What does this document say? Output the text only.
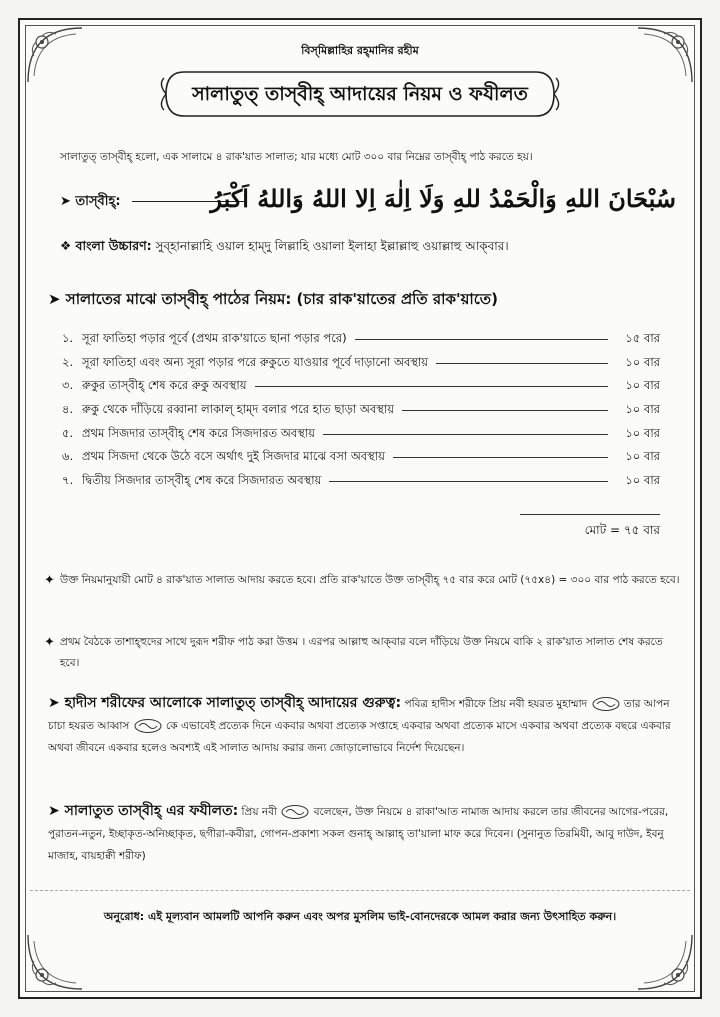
বিস্‌মিল্লাহির রহ্‌মানির রহীম
সালাতুত্‌ তাস্‌বীহ্‌ আদায়ের নিয়ম ও ফযীলত
সালাতুত্‌ তাস্‌বীহ্‌ হলো, এক সালামে ৪ রাক'য়াত সালাত; যার মধ্যে মোট ৩০০ বার নিম্নের তাস্‌বীহ্‌ পাঠ করতে হয়।
➤ তাস্‌বীহ্‌:	سُبْحَانَ اللهِ وَالْحَمْدُ للهِ وَلَا اِلٰهَ اِلا اللهُ وَاللهُ اَكْبَرُ
❖ বাংলা উচ্চারণ: সুব্‌হানাল্লাহি ওয়াল হাম্‌দু লিল্লাহি ওয়ালা ইলাহা ইল্লাল্লাহু ওয়াল্লাহু আক্‌বার।
➤ সালাতের মাঝে তাস্‌বীহ্‌ পাঠের নিয়ম: (চার রাক'য়াতের প্রতি রাক'য়াতে)
১. সূরা ফাতিহা পড়ার পূর্বে (প্রথম রাক'য়াতে ছানা পড়ার পরে)	১৫ বার
২. সূরা ফাতিহা এবং অন্য সূরা পড়ার পরে রুকুতে যাওয়ার পূর্বে দাড়ানো অবস্থায়	১০ বার
৩. রুকুর তাস্‌বীহ্‌ শেষ করে রুকু অবস্থায়	১০ বার
৪. রুকু থেকে দাঁড়িয়ে রব্বানা লাকাল্‌ হাম্‌দ বলার পরে হাত ছাড়া অবস্থায়	১০ বার
৫. প্রথম সিজদার তাস্‌বীহ্‌ শেষ করে সিজদারত অবস্থায়	১০ বার
৬. প্রথম সিজদা থেকে উঠে বসে অর্থাৎ দুই সিজদার মাঝে বসা অবস্থায়	১০ বার
৭. দ্বিতীয় সিজদার তাস্‌বীহ্‌ শেষ করে সিজদারত অবস্থায়	১০ বার
মোট = ৭৫ বার
✦ উক্ত নিয়মানুযায়ী মোট ৪ রাক'য়াত সালাত আদায় করতে হবে। প্রতি রাক'য়াতে উক্ত তাস্‌বীহ্‌ ৭৫ বার করে মোট (৭৫x৪) = ৩০০ বার পাঠ করতে হবে।
✦ প্রথম বৈঠকে তাশাহ্‌হুদের সাথে দুরূদ শরীফ পাঠ করা উত্তম । এরপর আল্লাহু আক্‌বার বলে দাঁড়িয়ে উক্ত নিয়মে বাকি ২ রাক'য়াত সালাত শেষ করতে হবে।
➤ হাদীস শরীফের আলোকে সালাতুত্‌ তাস্‌বীহ্‌ আদায়ের গুরুত্ব: পবিত্র হাদীস শরীফে প্রিয় নবী হযরত মুহাম্মাদ	তার আপন চাচা হযরত আব্বাস	কে এভাবেই প্রত্যেক দিনে একবার অথবা প্রত্যেক সপ্তাহে একবার অথবা প্রত্যেক মাসে একবার অথবা প্রত্যেক বছরে একবার অথবা জীবনে একবার হলেও অবশ্যই এই সালাত আদায় করার জন্য জোড়ালোভাবে নির্দেশ দিয়েছেন।
➤ সালাতুত তাস্‌বীহ্‌ এর ফযীলত: প্রিয় নবী	বলেছেন, উক্ত নিয়মে ৪ রাকা'আত নামাজ আদায় করলে তার জীবনের আগের-পরের, পুরাতন-নতুন, ইচ্ছাকৃত-অনিচ্ছাকৃত, ছগীরা-কবীরা, গোপন-প্রকাশ্য সকল গুনাহ্‌ আল্লাহ্‌ তা'য়ালা মাফ করে দিবেন। (সুনানুত তিরমিযী, আবু দাউদ, ইবনু মাজাহ, বায়হাক্বী শরীফ)
অনুরোধ: এই মূল্যবান আমলটি আপনি করুন এবং অপর মুসলিম ভাই-বোনদেরকে আমল করার জন্য উৎসাহিত করুন।
